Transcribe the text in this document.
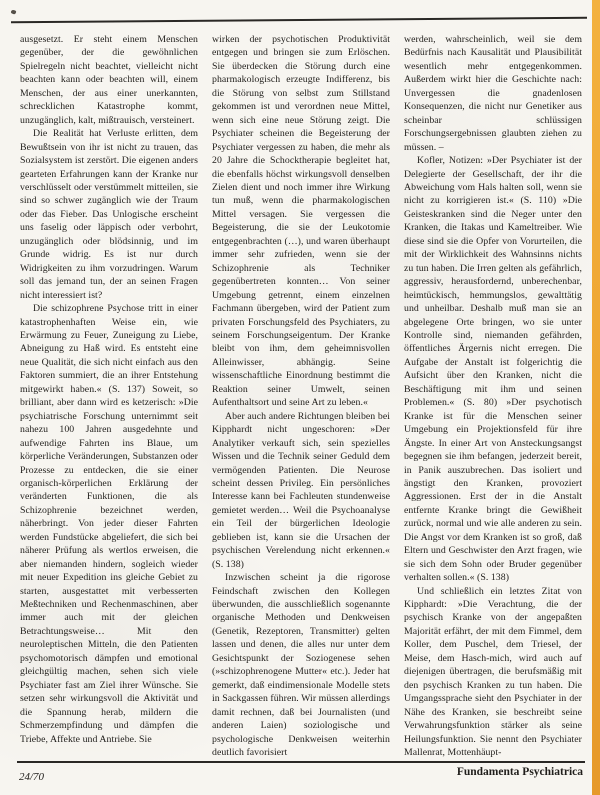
ausgesetzt. Er steht einem Menschen gegenüber, der die gewöhnlichen Spielregeln nicht beachtet, vielleicht nicht beachten kann oder beachten will, einem Menschen, der aus einer unerkannten, schrecklichen Katastrophe kommt, unzugänglich, kalt, mißtrauisch, versteinert.

Die Realität hat Verluste erlitten, dem Bewußtsein von ihr ist nicht zu trauen, das Sozialsystem ist zerstört. Die eigenen anders gearteten Erfahrungen kann der Kranke nur verschlüsselt oder verstümmelt mitteilen, sie sind so schwer zugänglich wie der Traum oder das Fieber. Das Unlogische erscheint uns faselig oder läppisch oder verbohrt, unzugänglich oder blödsinnig, und im Grunde widrig. Es ist nur durch Widrigkeiten zu ihm vorzudringen. Warum soll das jemand tun, der an seinen Fragen nicht interessiert ist?

Die schizophrene Psychose tritt in einer katastrophenhaften Weise ein, wie Erwärmung zu Feuer, Zuneigung zu Liebe, Abneigung zu Haß wird. Es entsteht eine neue Qualität, die sich nicht einfach aus den Faktoren summiert, die an ihrer Entstehung mitgewirkt haben.« (S. 137) Soweit, so brilliant, aber dann wird es ketzerisch: »Die psychiatrische Forschung unternimmt seit nahezu 100 Jahren ausgedehnte und aufwendige Fahrten ins Blaue, um körperliche Veränderungen, Substanzen oder Prozesse zu entdecken, die sie einer organisch-körperlichen Erklärung der veränderten Funktionen, die als Schizophrenie bezeichnet werden, näherbringt. Von jeder dieser Fahrten werden Fundstücke abgeliefert, die sich bei näherer Prüfung als wertlos erweisen, die aber niemanden hindern, sogleich wieder mit neuer Expedition ins gleiche Gebiet zu starten, ausgestattet mit verbesserten Meßtechniken und Rechenmaschinen, aber immer auch mit der gleichen Betrachtungsweise… Mit den neuroleptischen Mitteln, die den Patienten psychomotorisch dämpfen und emotional gleichgültig machen, sehen sich viele Psychiater fast am Ziel ihrer Wünsche. Sie setzen sehr wirkungsvoll die Aktivität und die Spannung herab, mildern die Schmerzempfindung und dämpfen die Triebe, Affekte und Antriebe. Sie

wirken der psychotischen Produktivität entgegen und bringen sie zum Erlöschen. Sie überdecken die Störung durch eine pharmakologisch erzeugte Indifferenz, bis die Störung von selbst zum Stillstand gekommen ist und verordnen neue Mittel, wenn sich eine neue Störung zeigt. Die Psychiater scheinen die Begeisterung der Psychiater vergessen zu haben, die mehr als 20 Jahre die Schocktherapie begleitet hat, die ebenfalls höchst wirkungsvoll denselben Zielen dient und noch immer ihre Wirkung tun muß, wenn die pharmakologischen Mittel versagen. Sie vergessen die Begeisterung, die sie der Leukotomie entgegenbrachten (…), und waren überhaupt immer sehr zufrieden, wenn sie der Schizophrenie als Techniker gegenübertreten konnten… Von seiner Umgebung getrennt, einem einzelnen Fachmann übergeben, wird der Patient zum privaten Forschungsfeld des Psychiaters, zu seinem Forschungseigentum. Der Kranke bleibt von ihm, dem geheimnisvollen Alleinwisser, abhängig. Seine wissenschaftliche Einordnung bestimmt die Reaktion seiner Umwelt, seinen Aufenthaltsort und seine Art zu leben.«

Aber auch andere Richtungen bleiben bei Kipphardt nicht ungeschoren: »Der Analytiker verkauft sich, sein spezielles Wissen und die Technik seiner Geduld dem vermögenden Patienten. Die Neurose scheint dessen Privileg. Ein persönliches Interesse kann bei Fachleuten stundenweise gemietet werden… Weil die Psychoanalyse ein Teil der bürgerlichen Ideologie geblieben ist, kann sie die Ursachen der psychischen Verelendung nicht erkennen.« (S. 138)

Inzwischen scheint ja die rigorose Feindschaft zwischen den Kollegen überwunden, die ausschließlich sogenannte organische Methoden und Denkweisen (Genetik, Rezeptoren, Transmitter) gelten lassen und denen, die alles nur unter dem Gesichtspunkt der Soziogenese sehen (»schizophrenogene Mutter« etc.). Jeder hat gemerkt, daß eindimensionale Modelle stets in Sackgassen führen. Wir müssen allerdings damit rechnen, daß bei Journalisten (und anderen Laien) soziologische und psychologische Denkweisen weiterhin deutlich favorisiert

werden, wahrscheinlich, weil sie dem Bedürfnis nach Kausalität und Plausibilität wesentlich mehr entgegenkommen. Außerdem wirkt hier die Geschichte nach: Unvergessen die gnadenlosen Konsequenzen, die nicht nur Genetiker aus scheinbar schlüssigen Forschungsergebnissen glaubten ziehen zu müssen. –

Kofler, Notizen: »Der Psychiater ist der Delegierte der Gesellschaft, der ihr die Abweichung vom Hals halten soll, wenn sie nicht zu korrigieren ist.« (S. 110) »Die Geisteskranken sind die Neger unter den Kranken, die Itakas und Kameltreiber. Wie diese sind sie die Opfer von Vorurteilen, die mit der Wirklichkeit des Wahnsinns nichts zu tun haben. Die Irren gelten als gefährlich, aggressiv, herausfordernd, unberechenbar, heimtückisch, hemmungslos, gewalttätig und unheilbar. Deshalb muß man sie an abgelegene Orte bringen, wo sie unter Kontrolle sind, niemanden gefährden, öffentliches Ärgernis nicht erregen. Die Aufgabe der Anstalt ist folgerichtig die Aufsicht über den Kranken, nicht die Beschäftigung mit ihm und seinen Problemen.« (S. 80) »Der psychotisch Kranke ist für die Menschen seiner Umgebung ein Projektionsfeld für ihre Ängste. In einer Art von Ansteckungsangst begegnen sie ihm befangen, jederzeit bereit, in Panik auszubrechen. Das isoliert und ängstigt den Kranken, provoziert Aggressionen. Erst der in die Anstalt entfernte Kranke bringt die Gewißheit zurück, normal und wie alle anderen zu sein. Die Angst vor dem Kranken ist so groß, daß Eltern und Geschwister den Arzt fragen, wie sie sich dem Sohn oder Bruder gegenüber verhalten sollen.« (S. 138)

Und schließlich ein letztes Zitat von Kipphardt: »Die Verachtung, die der psychisch Kranke von der angepaßten Majorität erfährt, der mit dem Fimmel, dem Koller, dem Puschel, dem Triesel, der Meise, dem Hasch-mich, wird auch auf diejenigen übertragen, die berufsmäßig mit den psychisch Kranken zu tun haben. Die Umgangssprache sieht den Psychiater in der Nähe des Kranken, sie beschreibt seine Verwahrungsfunktion stärker als seine Heilungsfunktion. Sie nennt den Psychiater Mallenrat, Mottenhäupt-

24/70	Fundamenta Psychiatrica
